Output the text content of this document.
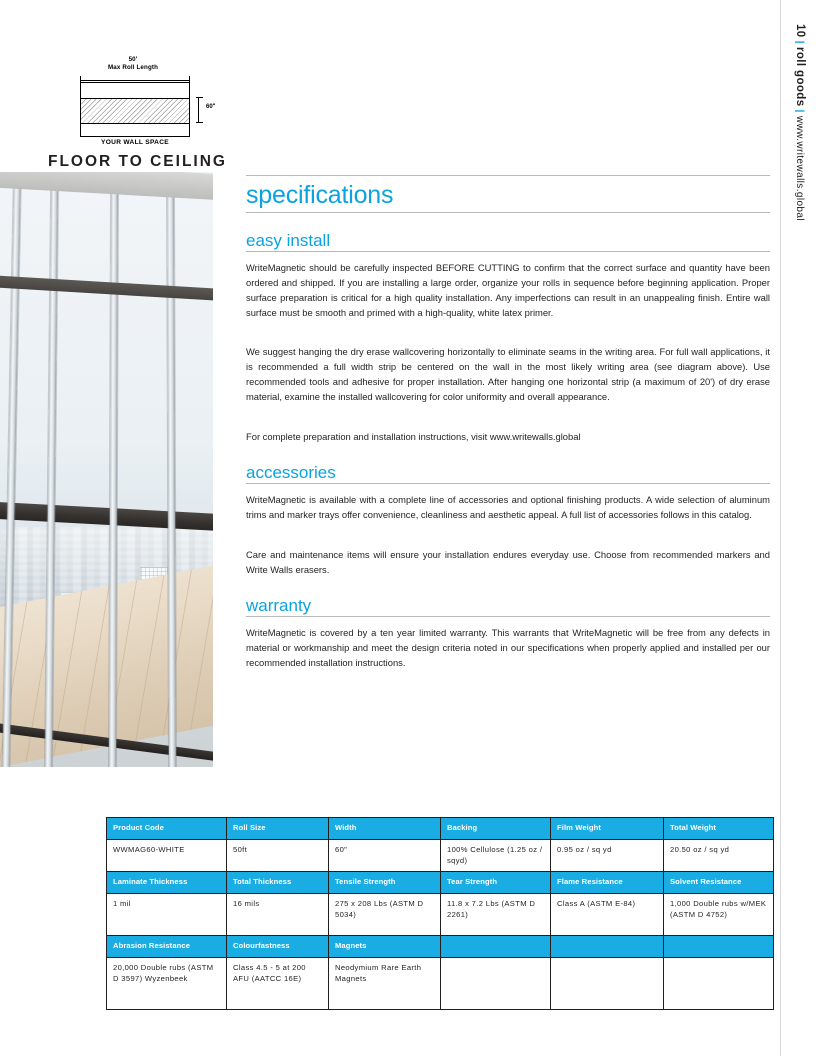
10|roll goods|www.writewalls.global
50'
Max Roll Length
60"
YOUR WALL SPACE
FLOOR TO CEILING
specifications
easy install

WriteMagnetic should be carefully inspected BEFORE CUTTING to confirm that the correct surface and quantity have been ordered and shipped. If you are installing a large order, organize your rolls in sequence before beginning application. Proper surface preparation is critical for a high quality installation. Any imperfections can result in an unappealing finish. Entire wall surface must be smooth and primed with a high-quality, white latex primer.

We suggest hanging the dry erase wallcovering horizontally to eliminate seams in the writing area. For full wall applications, it is recommended a full width strip be centered on the wall in the most likely writing area (see diagram above). Use recommended tools and adhesive for proper installation. After hanging one horizontal strip (a maximum of 20') of dry erase material, examine the installed wallcovering for color uniformity and overall appearance.

For complete preparation and installation instructions, visit www.writewalls.global

accessories

WriteMagnetic is available with a complete line of accessories and optional finishing products. A wide selection of aluminum trims and marker trays offer convenience, cleanliness and aesthetic appeal. A full list of accessories follows in this catalog.

Care and maintenance items will ensure your installation endures everyday use. Choose from recommended markers and Write Walls erasers.

warranty

WriteMagnetic is covered by a ten year limited warranty. This warrants that WriteMagnetic will be free from any defects in material or workmanship and meet the design criteria noted in our specifications when properly applied and installed per our recommended installation instructions.

Product Code	Roll Size	Width	Backing	Film Weight	Total Weight
WWMAG60-WHITE	50ft	60"	100% Cellulose (1.25 oz / sqyd)	0.95 oz / sq yd	20.50 oz / sq yd
Laminate Thickness	Total Thickness	Tensile Strength	Tear Strength	Flame Resistance	Solvent Resistance
1 mil	16 mils	275 x 208 Lbs (ASTM D 5034)	11.8 x 7.2 Lbs (ASTM D 2261)	Class A (ASTM E-84)	1,000 Double rubs w/MEK (ASTM D 4752)
Abrasion Resistance	Colourfastness	Magnets			
20,000 Double rubs (ASTM D 3597) Wyzenbeek	Class 4.5 - 5 at 200 AFU (AATCC 16E)	Neodymium Rare Earth Magnets			
